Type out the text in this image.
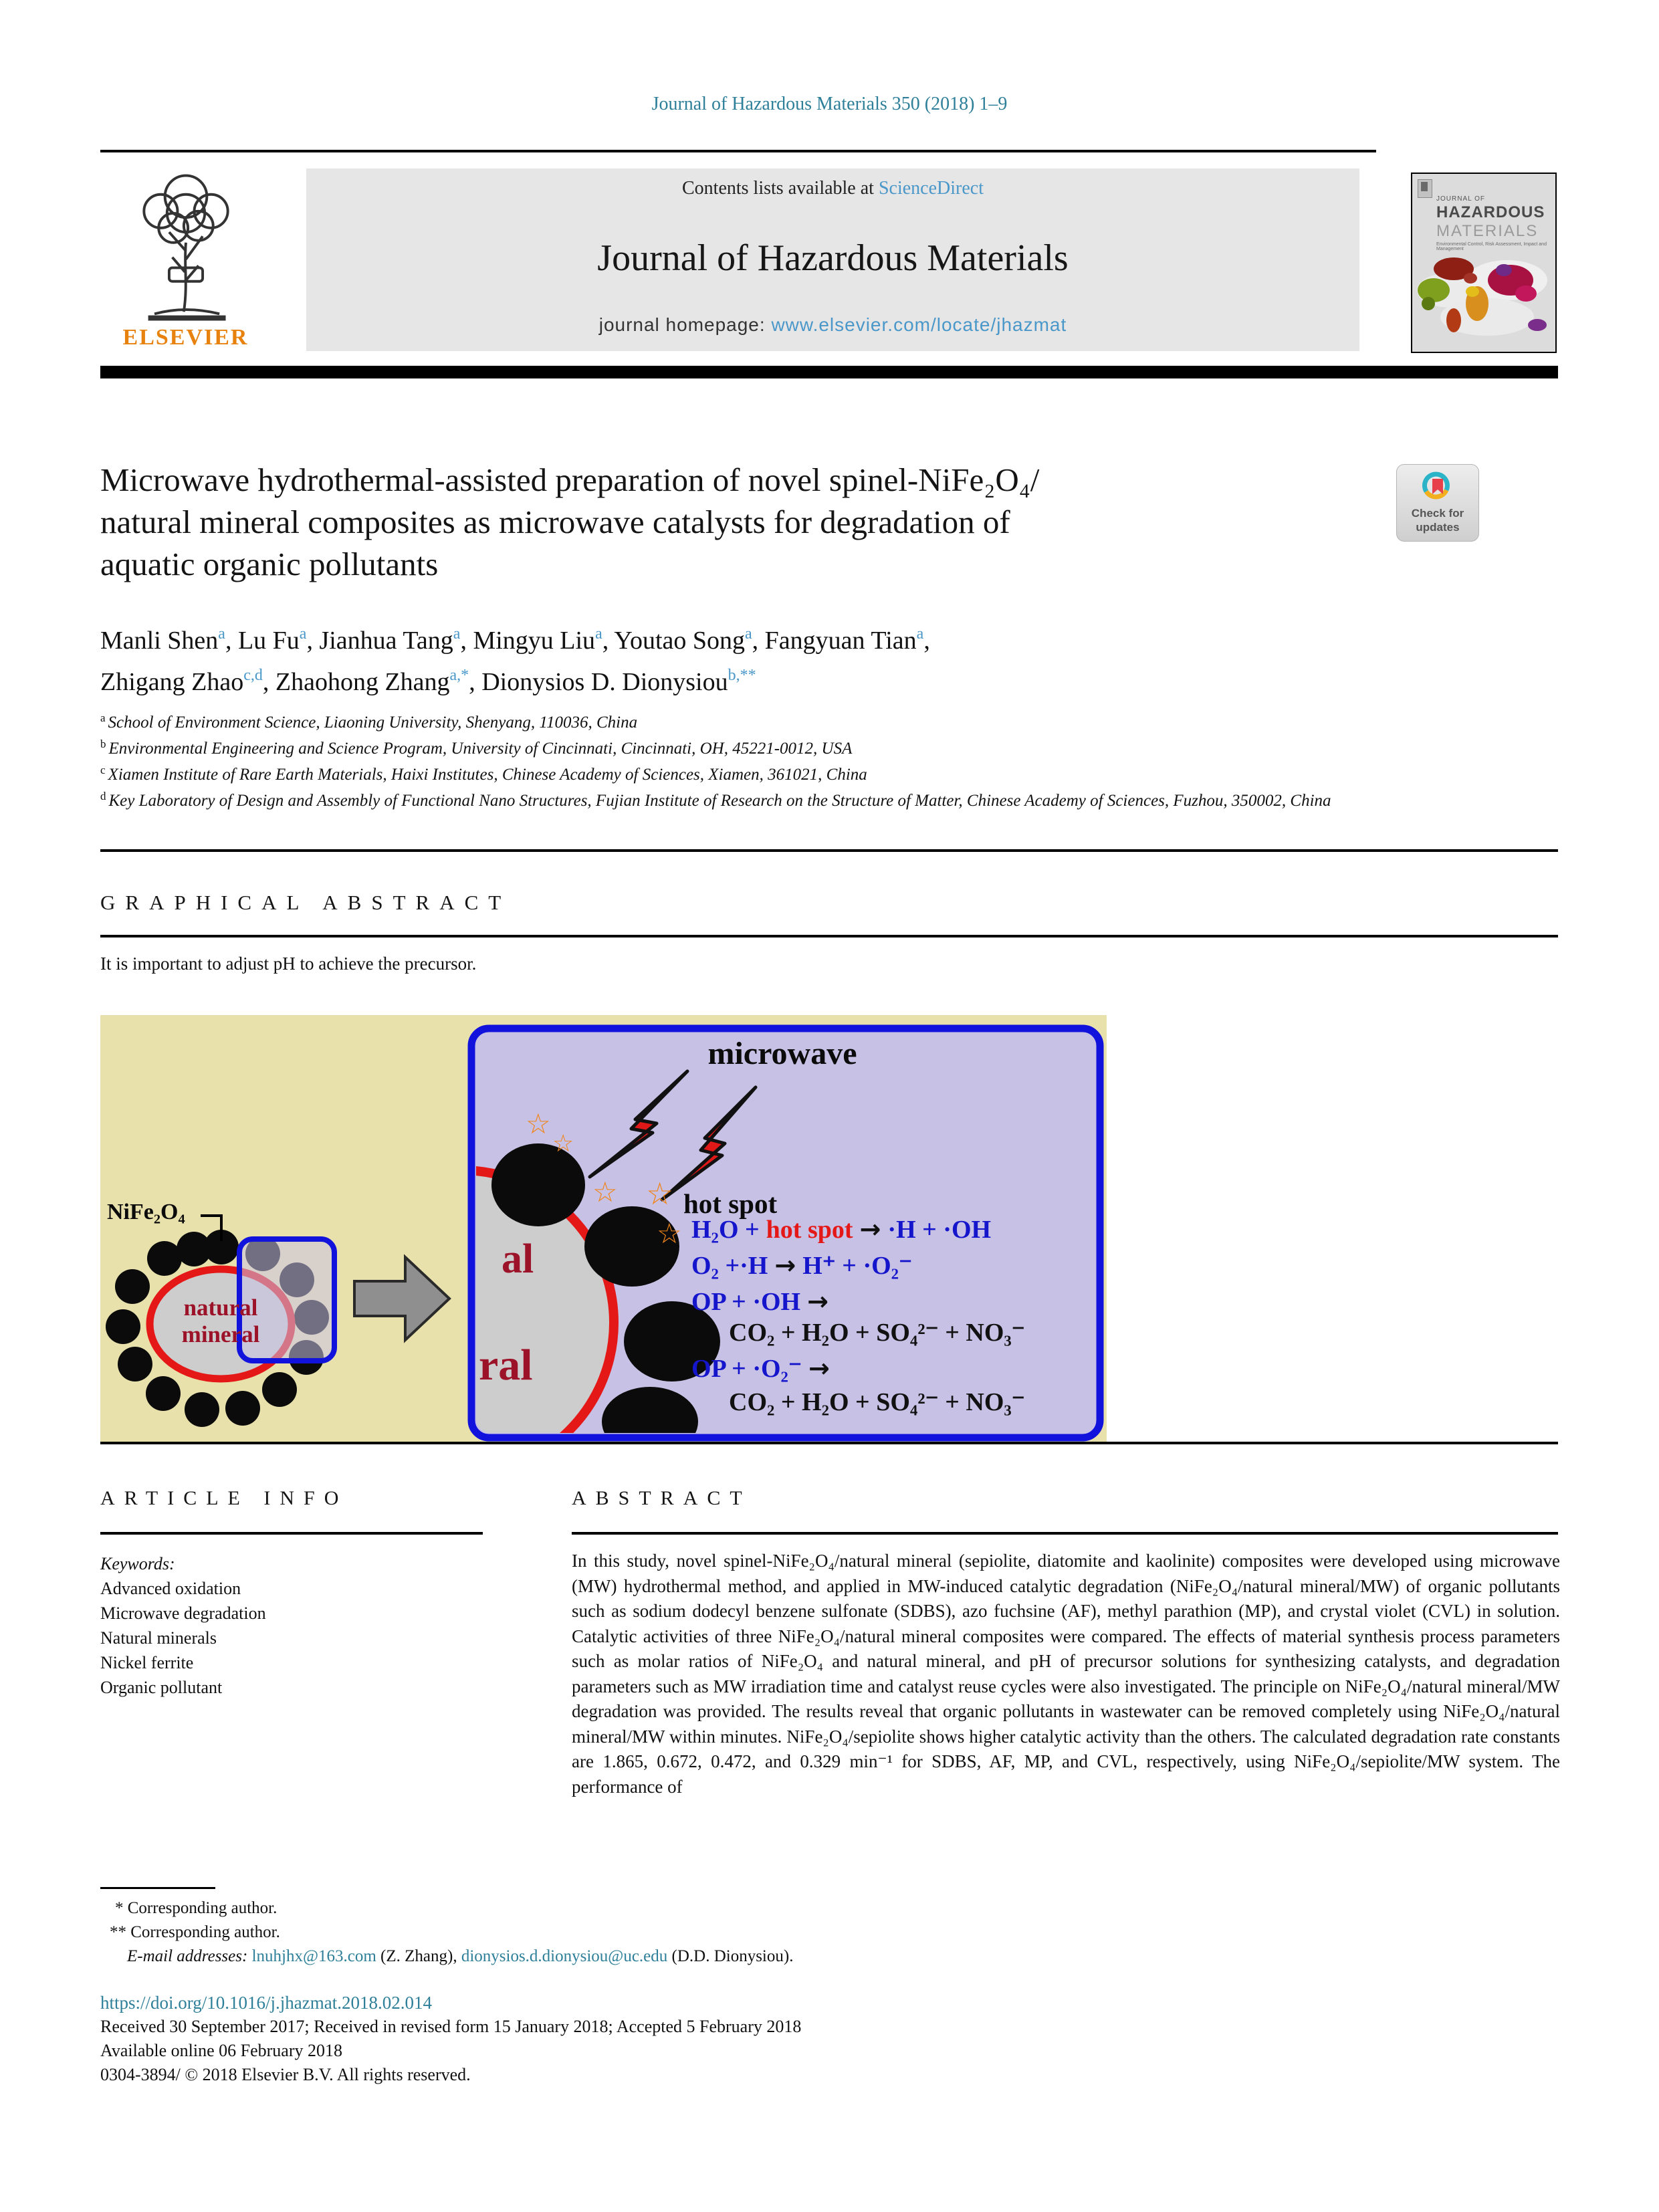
Journal of Hazardous Materials 350 (2018) 1–9
ELSEVIER
Contents lists available at ScienceDirect
Journal of Hazardous Materials
journal homepage: www.elsevier.com/locate/jhazmat
JOURNAL OF
HAZARDOUS
MATERIALS
Environmental Control, Risk Assessment, Impact and Management
Microwave hydrothermal-assisted preparation of novel spinel-NiFe₂O₄/
natural mineral composites as microwave catalysts for degradation of
aquatic organic pollutants
Check for
updates
Manli Shen$^a$, Lu Fu$^a$, Jianhua Tang$^a$, Mingyu Liu$^a$, Youtao Song$^a$, Fangyuan Tian$^a$,
Zhigang Zhao$^{c,d}$, Zhaohong Zhang$^{a,*}$, Dionysios D. Dionysiou$^{b,**}$
$^a$ School of Environment Science, Liaoning University, Shenyang, 110036, China
$^b$ Environmental Engineering and Science Program, University of Cincinnati, Cincinnati, OH, 45221-0012, USA
$^c$ Xiamen Institute of Rare Earth Materials, Haixi Institutes, Chinese Academy of Sciences, Xiamen, 361021, China
$^d$ Key Laboratory of Design and Assembly of Functional Nano Structures, Fujian Institute of Research on the Structure of Matter, Chinese Academy of Sciences, Fuzhou, 350002, China
GRAPHICAL ABSTRACT
It is important to adjust pH to achieve the precursor.
NiFe₂O₄
natural
mineral
microwave
hot spot
al
ral
☆
☆
☆ ☆
☆ H₂O + hot spot → ·H + ·OH
O₂ +·H → H⁺ + ·O₂⁻
OP + ·OH →
CO₂ + H₂O + SO₄²⁻ + NO₃⁻
OP + ·O₂⁻ →
CO₂ + H₂O + SO₄²⁻ + NO₃⁻
ARTICLE INFO	ABSTRACT
Keywords:
Advanced oxidation
Microwave degradation
Natural minerals
Nickel ferrite
Organic pollutant
In this study, novel spinel-NiFe₂O₄/natural mineral (sepiolite, diatomite and kaolinite) composites were developed using microwave (MW) hydrothermal method, and applied in MW-induced catalytic degradation (NiFe₂O₄/natural mineral/MW) of organic pollutants such as sodium dodecyl benzene sulfonate (SDBS), azo fuchsine (AF), methyl parathion (MP), and crystal violet (CVL) in solution. Catalytic activities of three NiFe₂O₄/natural mineral composites were compared. The effects of material synthesis process parameters such as molar ratios of NiFe₂O₄ and natural mineral, and pH of precursor solutions for synthesizing catalysts, and degradation parameters such as MW irradiation time and catalyst reuse cycles were also investigated. The principle on NiFe₂O₄/natural mineral/MW degradation was provided. The results reveal that organic pollutants in wastewater can be removed completely using NiFe₂O₄/natural mineral/MW within minutes. NiFe₂O₄/sepiolite shows higher catalytic activity than the others. The calculated degradation rate constants are 1.865, 0.672, 0.472, and 0.329 min⁻¹ for SDBS, AF, MP, and CVL, respectively, using NiFe₂O₄/sepiolite/MW system. The performance of
* Corresponding author.
** Corresponding author.
E-mail addresses: lnuhjhx@163.com (Z. Zhang), dionysios.d.dionysiou@uc.edu (D.D. Dionysiou).
https://doi.org/10.1016/j.jhazmat.2018.02.014
Received 30 September 2017; Received in revised form 15 January 2018; Accepted 5 February 2018
Available online 06 February 2018
0304-3894/ © 2018 Elsevier B.V. All rights reserved.
